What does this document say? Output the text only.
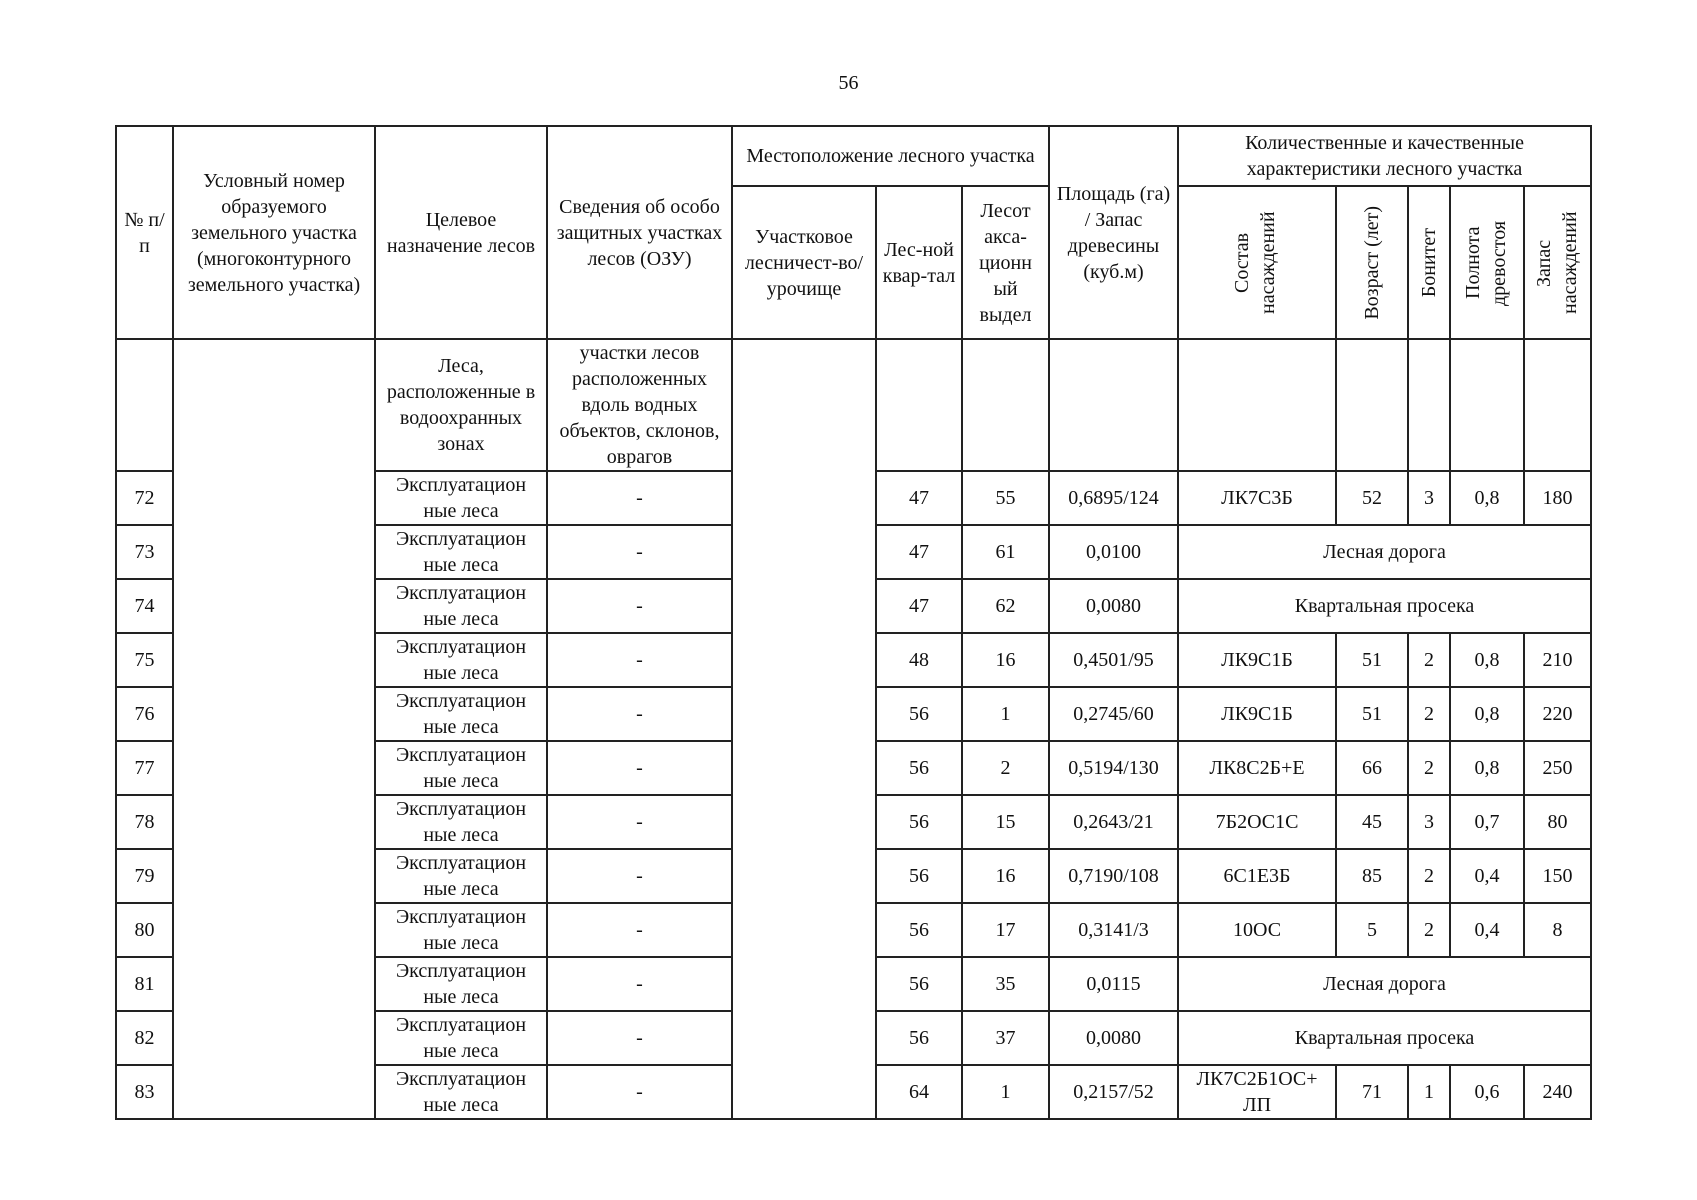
56
№ п/п	Условный номер образуемого земельного участка (многоконтурного земельного участка)	Целевое назначение лесов	Сведения об особо защитных участках лесов (ОЗУ)	Местоположение лесного участка			Площадь (га) / Запас древесины (куб.м)	Количественные и качественные характеристики лесного участка				
				Участковое лесничест-во/урочище	Лес-ной квар-тал	Лесот акса-ционн ый выдел		Состав насаждений	Возраст (лет)	Бонитет	Полнота древостоя	Запас насаждений

		Леса, расположенные в водоохранных зонах	участки лесов расположенных вдоль водных объектов, склонов, оврагов									
72		Эксплуатацион ные леса	-		47	55	0,6895/124	ЛК7С3Б	52	3	0,8	180
73		Эксплуатацион ные леса	-		47	61	0,0100	Лесная дорога				
74		Эксплуатацион ные леса	-		47	62	0,0080	Квартальная просека				
75		Эксплуатацион ные леса	-		48	16	0,4501/95	ЛК9С1Б	51	2	0,8	210
76		Эксплуатацион ные леса	-		56	1	0,2745/60	ЛК9С1Б	51	2	0,8	220
77		Эксплуатацион ные леса	-		56	2	0,5194/130	ЛК8С2Б+Е	66	2	0,8	250
78		Эксплуатацион ные леса	-		56	15	0,2643/21	7Б2ОС1С	45	3	0,7	80
79		Эксплуатацион ные леса	-		56	16	0,7190/108	6С1Е3Б	85	2	0,4	150
80		Эксплуатацион ные леса	-		56	17	0,3141/3	10ОС	5	2	0,4	8
81		Эксплуатацион ные леса	-		56	35	0,0115	Лесная дорога				
82		Эксплуатацион ные леса	-		56	37	0,0080	Квартальная просека				
83		Эксплуатацион ные леса	-		64	1	0,2157/52	ЛК7С2Б1ОС+ ЛП	71	1	0,6	240
